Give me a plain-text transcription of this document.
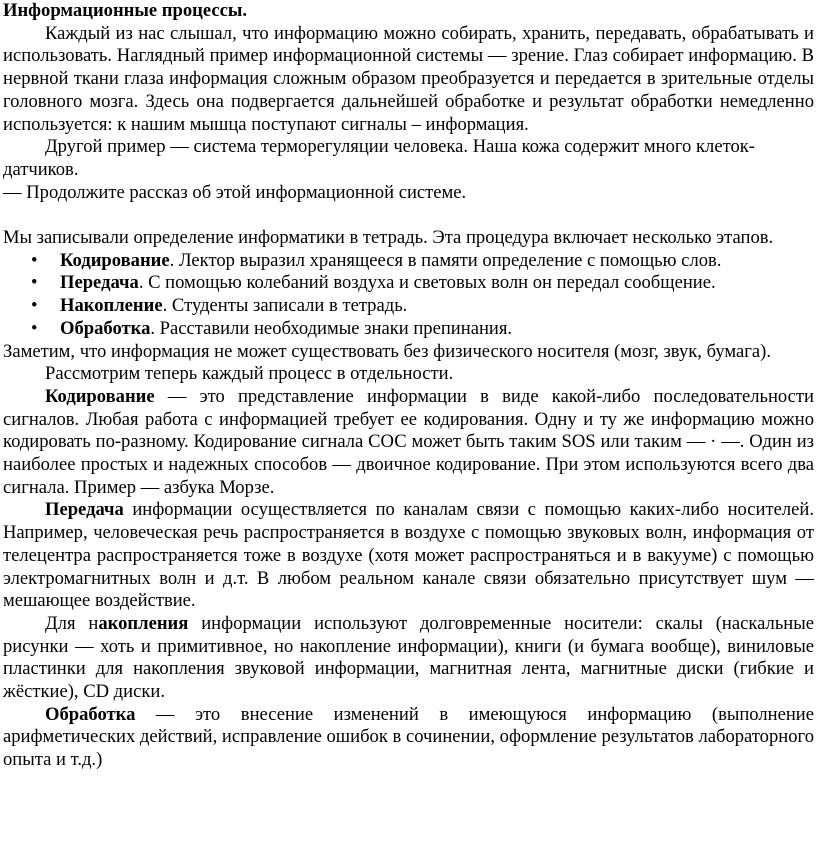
Информационные процессы.

Каждый из нас слышал, что информацию можно собирать, хранить, передавать, обрабатывать и использовать. Наглядный пример информационной системы — зрение. Глаз собирает информацию. В нервной ткани глаза информация сложным образом преобразуется и передается в зрительные отделы головного мозга. Здесь она подвергается дальнейшей обработке и результат обработки немедленно используется: к нашим мышца поступают сигналы – информация.

Другой пример — система терморегуляции человека. Наша кожа содержит много клеток-датчиков.

— Продолжите рассказ об этой информационной системе.

Мы записывали определение информатики в тетрадь. Эта процедура включает несколько этапов.

• Кодирование. Лектор выразил хранящееся в памяти определение с помощью слов.
• Передача. С помощью колебаний воздуха и световых волн он передал сообщение.
• Накопление. Студенты записали в тетрадь.
• Обработка. Расставили необходимые знаки препинания.

Заметим, что информация не может существовать без физического носителя (мозг, звук, бумага).

Рассмотрим теперь каждый процесс в отдельности.

Кодирование — это представление информации в виде какой-либо последовательности сигналов. Любая работа с информацией требует ее кодирования. Одну и ту же информацию можно кодировать по-разному. Кодирование сигнала СОС может быть таким SOS или таким — · —. Один из наиболее простых и надежных способов — двоичное кодирование. При этом используются всего два сигнала. Пример — азбука Морзе.

Передача информации осуществляется по каналам связи с помощью каких-либо носителей. Например, человеческая речь распространяется в воздухе с помощью звуковых волн, информация от телецентра распространяется тоже в воздухе (хотя может распространяться и в вакууме) с помощью электромагнитных волн и д.т. В любом реальном канале связи обязательно присутствует шум — мешающее воздействие.

Для накопления информации используют долговременные носители: скалы (наскальные рисунки — хоть и примитивное, но накопление информации), книги (и бумага вообще), виниловые пластинки для накопления звуковой информации, магнитная лента, магнитные диски (гибкие и жёсткие), CD диски.

Обработка — это внесение изменений в имеющуюся информацию (выполнение арифметических действий, исправление ошибок в сочинении, оформление результатов лабораторного опыта и т.д.)
